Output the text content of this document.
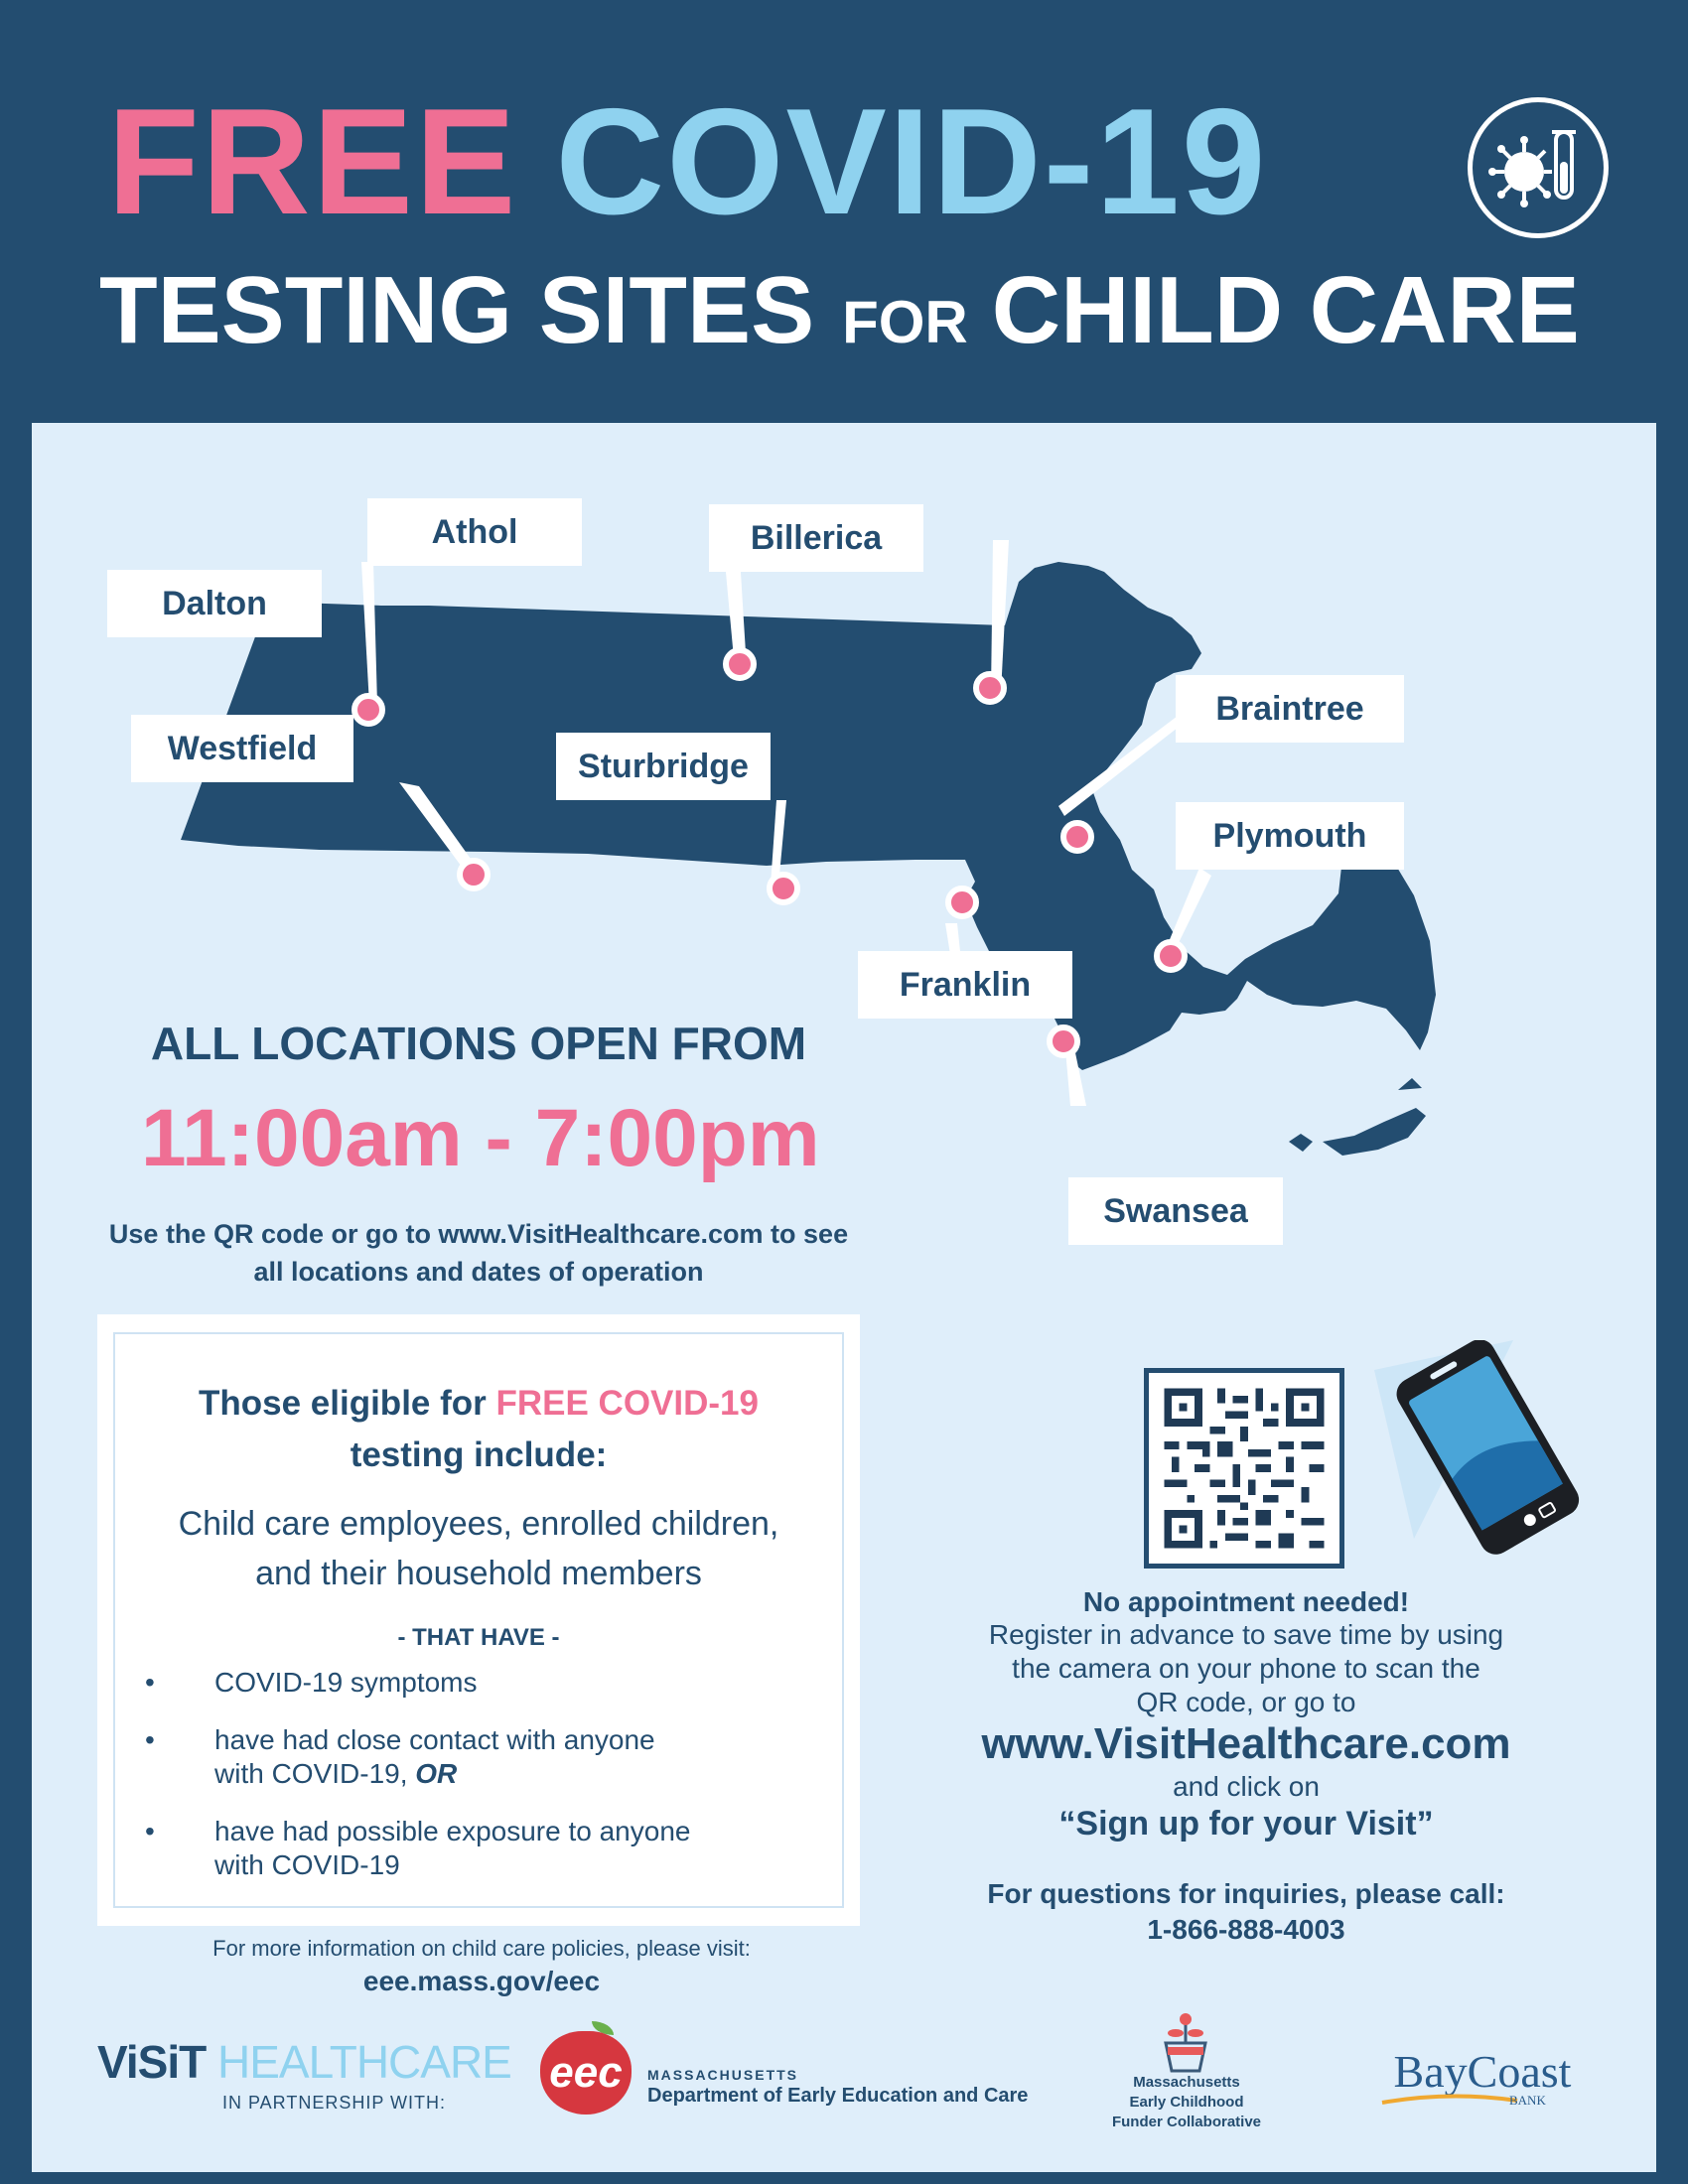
FREE COVID-19
TESTING SITES FOR CHILD CARE
Dalton
Athol	Billerica
Braintree
Westfield	Sturbridge
Plymouth
Franklin
Swansea
ALL LOCATIONS OPEN FROM
11:00am - 7:00pm
Use the QR code or go to www.VisitHealthcare.com to see
all locations and dates of operation
Those eligible for FREE COVID-19
testing include:
Child care employees, enrolled children,
and their household members
- THAT HAVE -
• COVID-19 symptoms
• have had close contact with anyone
with COVID-19, OR
• have had possible exposure to anyone
with COVID-19
No appointment needed!
Register in advance to save time by using
the camera on your phone to scan the
QR code, or go to
www.VisitHealthcare.com
and click on
“Sign up for your Visit”
For questions for inquiries, please call:
1-866-888-4003
For more information on child care policies, please visit:
eee.mass.gov/eec
ViSiT HEALTHCARE
IN PARTNERSHIP WITH:
eec	MASSACHUSETTS
Department of Early Education and Care
Massachusetts
Early Childhood
Funder Collaborative
BayCoast
BANK
